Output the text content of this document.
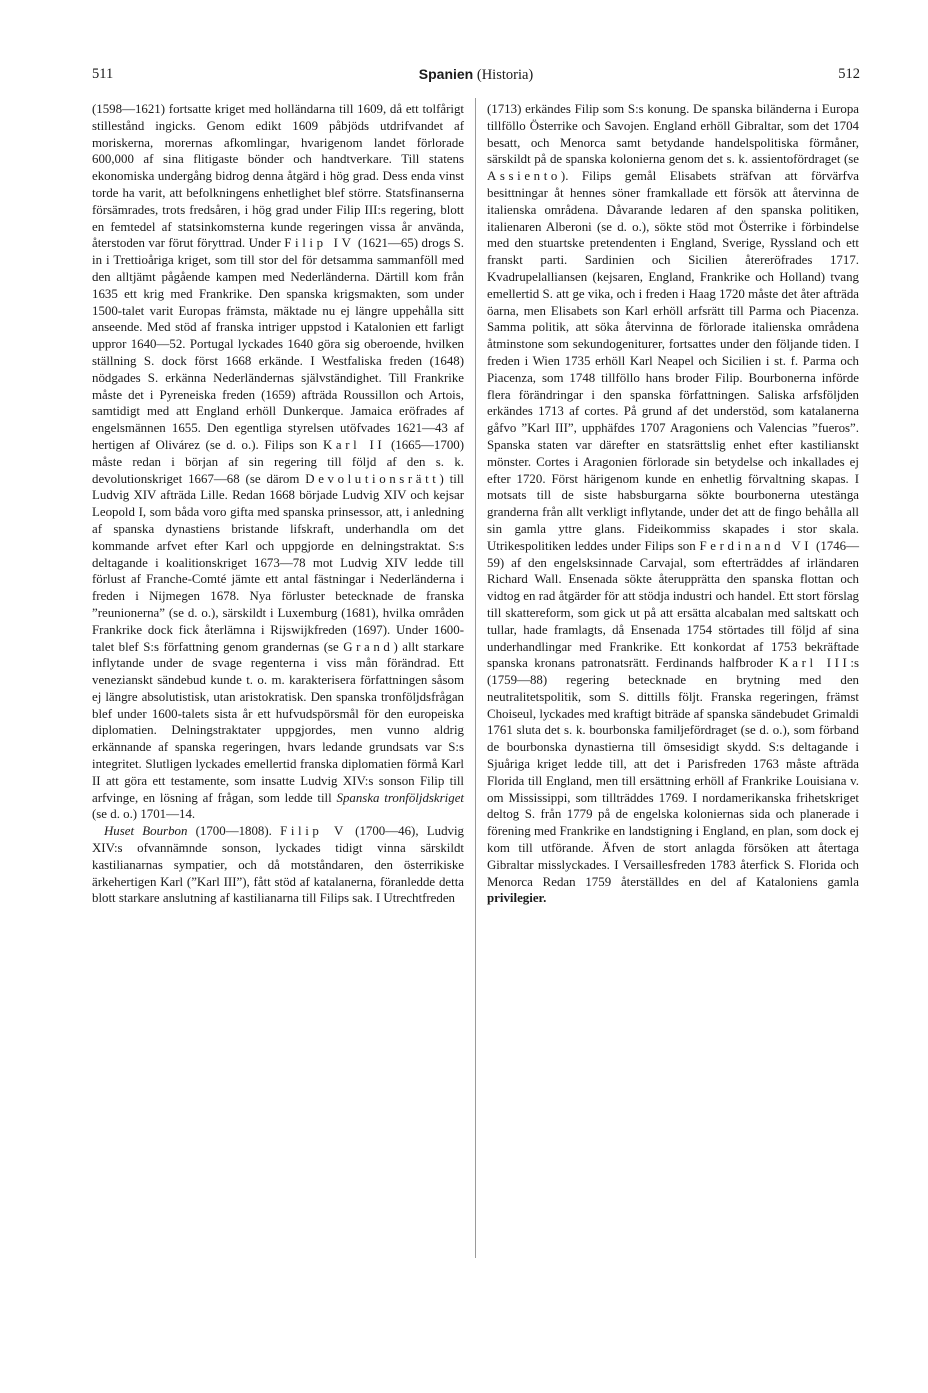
511	Spanien (Historia)	512

(1598—1621) fortsatte kriget med holländarna till 1609, då ett tolfårigt stillestånd ingicks. Genom edikt 1609 påbjöds utdrifvandet af moriskerna, morernas afkomlingar, hvarigenom landet förlorade 600,000 af sina flitigaste bönder och handtverkare. Till statens ekonomiska undergång bidrog denna åtgärd i hög grad. Dess enda vinst torde ha varit, att befolkningens enhetlighet blef större. Statsfinanserna försämrades, trots fredsåren, i hög grad under Filip III:s regering, blott en femtedel af statsinkomsterna kunde regeringen vissa år använda, återstoden var förut föryttrad. Under Filip IV (1621—65) drogs S. in i Trettioåriga kriget, som till stor del för detsamma sammanföll med den alltjämt pågående kampen med Nederländerna. Därtill kom från 1635 ett krig med Frankrike. Den spanska krigsmakten, som under 1500-talet varit Europas främsta, mäktade nu ej längre uppehålla sitt anseende. Med stöd af franska intriger uppstod i Katalonien ett farligt uppror 1640—52. Portugal lyckades 1640 göra sig oberoende, hvilken ställning S. dock först 1668 erkände. I Westfaliska freden (1648) nödgades S. erkänna Nederländernas självständighet. Till Frankrike måste det i Pyreneiska freden (1659) afträda Roussillon och Artois, samtidigt med att England erhöll Dunkerque. Jamaica eröfrades af engelsmännen 1655. Den egentliga styrelsen utöfvades 1621—43 af hertigen af Olivárez (se d. o.). Filips son Karl II (1665—1700) måste redan i början af sin regering till följd af den s. k. devolutionskriget 1667—68 (se därom Devolutionsrätt) till Ludvig XIV afträda Lille. Redan 1668 började Ludvig XIV och kejsar Leopold I, som båda voro gifta med spanska prinsessor, att, i anledning af spanska dynastiens bristande lifskraft, underhandla om det kommande arfvet efter Karl och uppgjorde en delningstraktat. S:s deltagande i koalitionskriget 1673—78 mot Ludvig XIV ledde till förlust af Franche-Comté jämte ett antal fästningar i Nederländerna i freden i Nijmegen 1678. Nya förluster betecknade de franska ”reunionerna” (se d. o.), särskildt i Luxemburg (1681), hvilka områden Frankrike dock fick återlämna i Rijswijkfreden (1697). Under 1600-talet blef S:s författning genom grandernas (se Grand) allt starkare inflytande under de svage regenterna i viss mån förändrad. Ett venezianskt sändebud kunde t. o. m. karakterisera författningen såsom ej längre absolutistisk, utan aristokratisk. Den spanska tronföljdsfrågan blef under 1600-talets sista år ett hufvudspörsmål för den europeiska diplomatien. Delningstraktater uppgjordes, men vunno aldrig erkännande af spanska regeringen, hvars ledande grundsats var S:s integritet. Slutligen lyckades emellertid franska diplomatien förmå Karl II att göra ett testamente, som insatte Ludvig XIV:s sonson Filip till arfvinge, en lösning af frågan, som ledde till Spanska tronföljdskriget (se d. o.) 1701—14.

Huset Bourbon (1700—1808). Filip V (1700—46), Ludvig XIV:s ofvannämnde sonson, lyckades tidigt vinna särskildt kastilianarnas sympatier, och då motståndaren, den österrikiske ärkehertigen Karl (”Karl III”), fått stöd af katalanerna, föranledde detta blott starkare anslutning af kastilianarna till Filips sak. I Utrechtfreden

(1713) erkändes Filip som S:s konung. De spanska biländerna i Europa tillföllo Österrike och Savojen. England erhöll Gibraltar, som det 1704 besatt, och Menorca samt betydande handelspolitiska förmåner, särskildt på de spanska kolonierna genom det s. k. assientofördraget (se Assiento). Filips gemål Elisabets sträfvan att förvärfva besittningar åt hennes söner framkallade ett försök att återvinna de italienska områdena. Dåvarande ledaren af den spanska politiken, italienaren Alberoni (se d. o.), sökte stöd mot Österrike i förbindelse med den stuartske pretendenten i England, Sverige, Ryssland och ett franskt parti. Sardinien och Sicilien återeröfrades 1717. Kvadrupelalliansen (kejsaren, England, Frankrike och Holland) tvang emellertid S. att ge vika, och i freden i Haag 1720 måste det åter afträda öarna, men Elisabets son Karl erhöll arfsrätt till Parma och Piacenza. Samma politik, att söka återvinna de förlorade italienska områdena åtminstone som sekundogeniturer, fortsattes under den följande tiden. I freden i Wien 1735 erhöll Karl Neapel och Sicilien i st. f. Parma och Piacenza, som 1748 tillföllo hans broder Filip. Bourbonerna införde flera förändringar i den spanska författningen. Saliska arfsföljden erkändes 1713 af cortes. På grund af det understöd, som katalanerna gåfvo ”Karl III”, upphäfdes 1707 Aragoniens och Valencias ”fueros”. Spanska staten var därefter en statsrättslig enhet efter kastilianskt mönster. Cortes i Aragonien förlorade sin betydelse och inkallades ej efter 1720. Först härigenom kunde en enhetlig förvaltning skapas. I motsats till de siste habsburgarna sökte bourbonerna utestänga granderna från allt verkligt inflytande, under det att de fingo behålla all sin gamla yttre glans. Fideikommiss skapades i stor skala. Utrikespolitiken leddes under Filips son Ferdinand VI (1746—59) af den engelsksinnade Carvajal, som efterträddes af irländaren Richard Wall. Ensenada sökte återupprätta den spanska flottan och vidtog en rad åtgärder för att stödja industri och handel. Ett stort förslag till skattereform, som gick ut på att ersätta alcabalan med saltskatt och tullar, hade framlagts, då Ensenada 1754 störtades till följd af sina underhandlingar med Frankrike. Ett konkordat af 1753 bekräftade spanska kronans patronatsrätt. Ferdinands halfbroder Karl III:s (1759—88) regering betecknade en brytning med den neutralitetspolitik, som S. dittills följt. Franska regeringen, främst Choiseul, lyckades med kraftigt biträde af spanska sändebudet Grimaldi 1761 sluta det s. k. bourbonska familjefördraget (se d. o.), som förband de bourbonska dynastierna till ömsesidigt skydd. S:s deltagande i Sjuåriga kriget ledde till, att det i Parisfreden 1763 måste afträda Florida till England, men till ersättning erhöll af Frankrike Louisiana v. om Mississippi, som tillträddes 1769. I nordamerikanska frihetskriget deltog S. från 1779 på de engelska koloniernas sida och planerade i förening med Frankrike en landstigning i England, en plan, som dock ej kom till utförande. Äfven de stort anlagda försöken att återtaga Gibraltar misslyckades. I Versaillesfreden 1783 återfick S. Florida och Menorca Redan 1759 återställdes en del af Kataloniens gamla privilegier.
